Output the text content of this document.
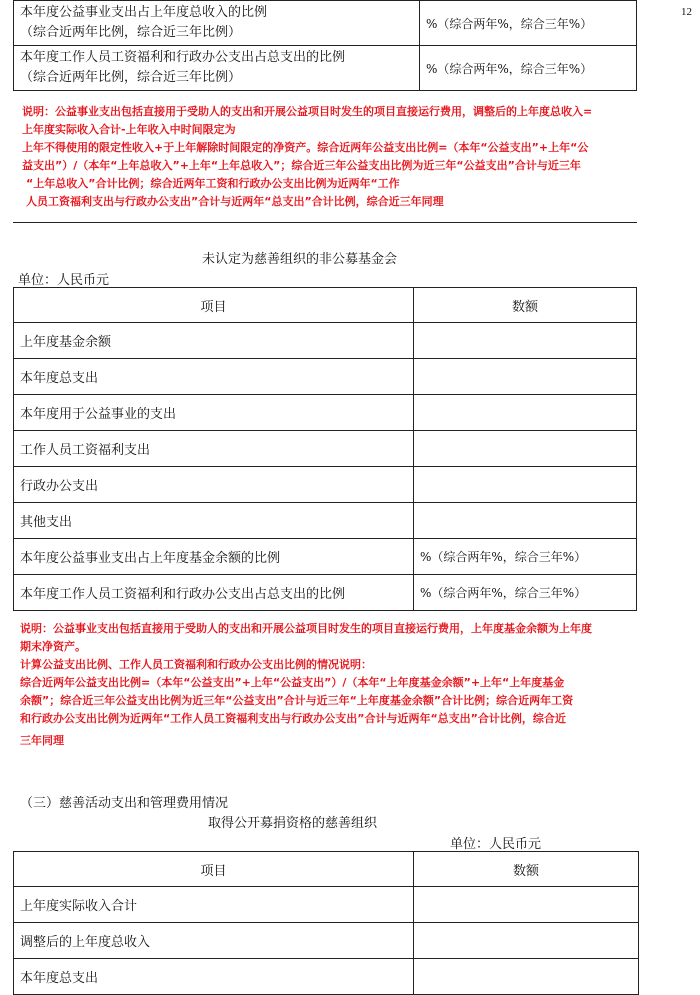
12
本年度公益事业支出占上年度总收入的比例
（综合近两年比例，综合近三年比例）	%（综合两年%，综合三年%）

本年度工作人员工资福利和行政办公支出占总支出的比例
（综合近两年比例，综合近三年比例）	%（综合两年%，综合三年%）
说明：公益事业支出包括直接用于受助人的支出和开展公益项目时发生的项目直接运行费用，调整后的上年度总收入=
上年度实际收入合计-上年收入中时间限定为
上年不得使用的限定性收入+于上年解除时间限定的净资产。综合近两年公益支出比例=（本年“公益支出”+上年“公
益支出”）/（本年“上年总收入”+上年“上年总收入”；综合近三年公益支出比例为近三年“公益支出”合计与近三年
“上年总收入”合计比例；综合近两年工资和行政办公支出比例为近两年“工作
人员工资福利支出与行政办公支出”合计与近两年“总支出”合计比例，综合近三年同理
未认定为慈善组织的非公募基金会
单位：人民币元
项目	数额
上年度基金余额	
本年度总支出	
本年度用于公益事业的支出	
工作人员工资福利支出	
行政办公支出	
其他支出	
本年度公益事业支出占上年度基金余额的比例	%（综合两年%，综合三年%）
本年度工作人员工资福利和行政办公支出占总支出的比例	%（综合两年%，综合三年%）
说明：公益事业支出包括直接用于受助人的支出和开展公益项目时发生的项目直接运行费用，上年度基金余额为上年度
期末净资产。
计算公益支出比例、工作人员工资福利和行政办公支出比例的情况说明：
综合近两年公益支出比例=（本年“公益支出”+上年“公益支出”）/（本年“上年度基金余额”+上年“上年度基金
余额”；综合近三年公益支出比例为近三年“公益支出”合计与近三年“上年度基金余额”合计比例；综合近两年工资
和行政办公支出比例为近两年“工作人员工资福利支出与行政办公支出”合计与近两年“总支出”合计比例，综合近
三年同理
（三）慈善活动支出和管理费用情况
取得公开募捐资格的慈善组织
单位：人民币元
项目	数额
上年度实际收入合计	
调整后的上年度总收入	
本年度总支出	
